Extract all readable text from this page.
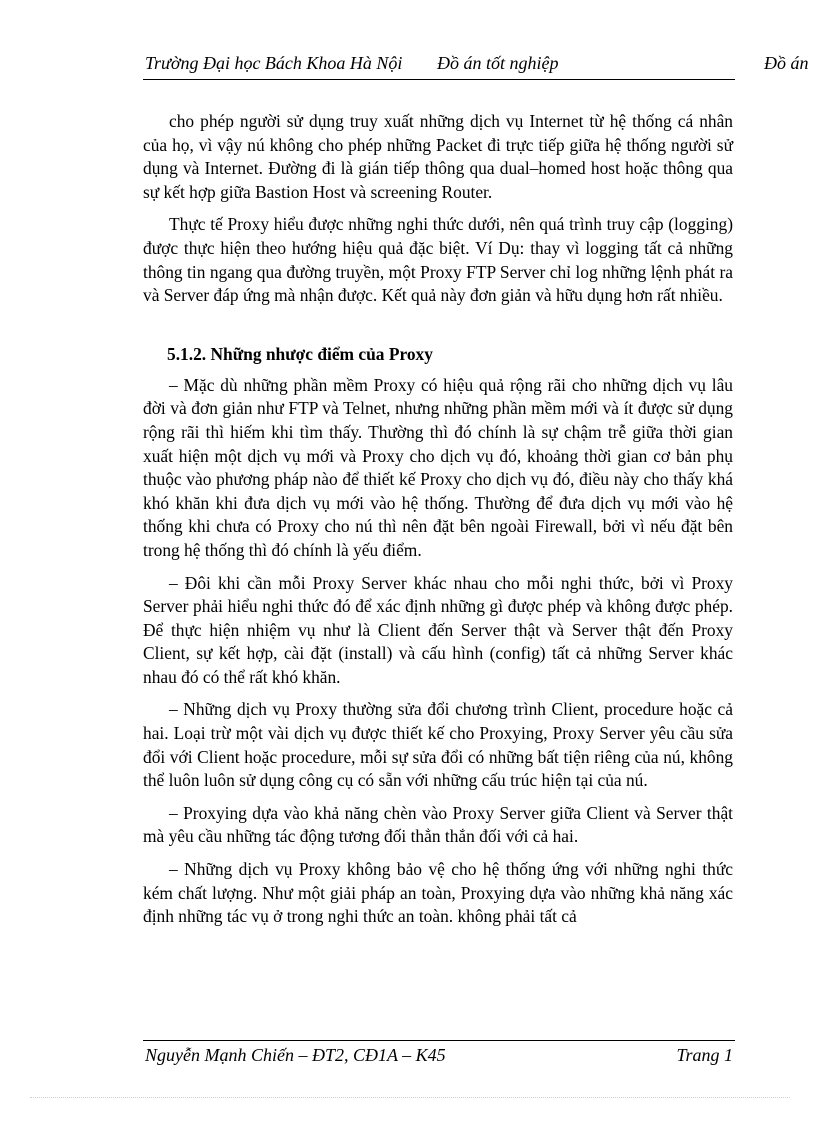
Trường Đại học Bách Khoa Hà Nội Đồ án tốt nghiệp	Đồ án

cho phép người sử dụng truy xuất những dịch vụ Internet từ hệ thống cá nhân của họ, vì vậy nú không cho phép những Packet đi trực tiếp giữa hệ thống người sử dụng và Internet. Đường đi là gián tiếp thông qua dual–homed host hoặc thông qua sự kết hợp giữa Bastion Host và screening Router.

Thực tế Proxy hiểu được những nghi thức dưới, nên quá trình truy cập (logging) được thực hiện theo hướng hiệu quả đặc biệt. Ví Dụ: thay vì logging tất cả những thông tin ngang qua đường truyền, một Proxy FTP Server chỉ log những lệnh phát ra và Server đáp ứng mà nhận được. Kết quả này đơn giản và hữu dụng hơn rất nhiều.

5.1.2. Những nhược điểm của Proxy

– Mặc dù những phần mềm Proxy có hiệu quả rộng rãi cho những dịch vụ lâu đời và đơn giản như FTP và Telnet, nhưng những phần mềm mới và ít được sử dụng rộng rãi thì hiếm khi tìm thấy. Thường thì đó chính là sự chậm trễ giữa thời gian xuất hiện một dịch vụ mới và Proxy cho dịch vụ đó, khoảng thời gian cơ bản phụ thuộc vào phương pháp nào để thiết kế Proxy cho dịch vụ đó, điều này cho thấy khá khó khăn khi đưa dịch vụ mới vào hệ thống. Thường để đưa dịch vụ mới vào hệ thống khi chưa có Proxy cho nú thì nên đặt bên ngoài Firewall, bởi vì nếu đặt bên trong hệ thống thì đó chính là yếu điểm.

– Đôi khi cần mỗi Proxy Server khác nhau cho mỗi nghi thức, bởi vì Proxy Server phải hiểu nghi thức đó để xác định những gì được phép và không được phép. Để thực hiện nhiệm vụ như là Client đến Server thật và Server thật đến Proxy Client, sự kết hợp, cài đặt (install) và cấu hình (config) tất cả những Server khác nhau đó có thể rất khó khăn.

– Những dịch vụ Proxy thường sửa đổi chương trình Client, procedure hoặc cả hai. Loại trừ một vài dịch vụ được thiết kế cho Proxying, Proxy Server yêu cầu sửa đổi với Client hoặc procedure, mỗi sự sửa đổi có những bất tiện riêng của nú, không thể luôn luôn sử dụng công cụ có sẵn với những cấu trúc hiện tại của nú.

– Proxying dựa vào khả năng chèn vào Proxy Server giữa Client và Server thật mà yêu cầu những tác động tương đối thẳn thắn đối với cả hai.

– Những dịch vụ Proxy không bảo vệ cho hệ thống ứng với những nghi thức kém chất lượng. Như một giải pháp an toàn, Proxying dựa vào những khả năng xác định những tác vụ ở trong nghi thức an toàn. không phải tất cả

Nguyễn Mạnh Chiến – ĐT2, CĐ1A – K45	Trang 1
